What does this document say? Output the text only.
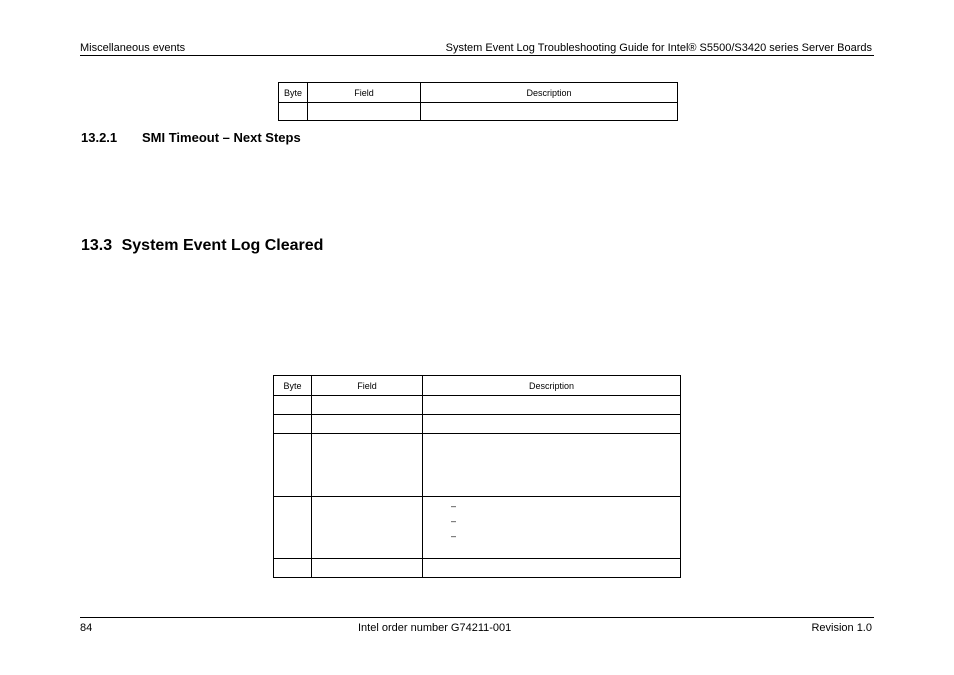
Miscellaneous events	System Event Log Troubleshooting Guide for Intel® S5500/S3420 series Server Boards
Byte	Field	Description

13.2.1 SMI Timeout – Next Steps
13.3 System Event Log Cleared
Byte	Field	Description

		–
–
–

84	Intel order number G74211-001	Revision 1.0
